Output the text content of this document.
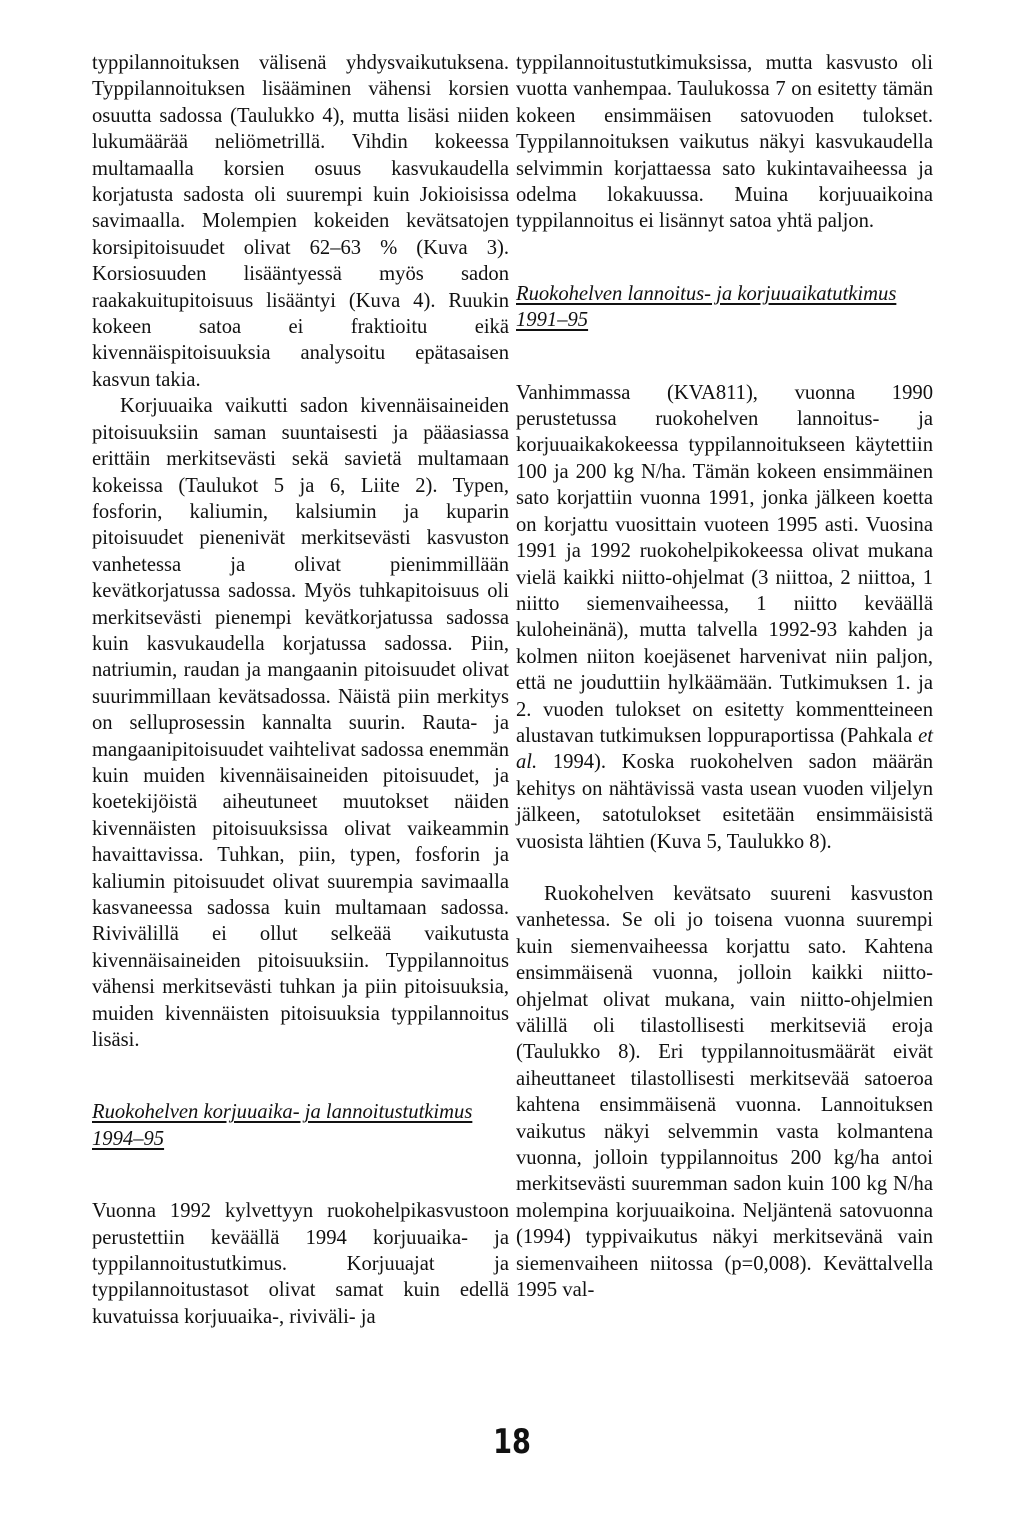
typpilannoituksen välisenä yhdysvaikutuksena. Typpilannoituksen lisääminen vähensi korsien osuutta sadossa (Taulukko 4), mutta lisäsi niiden lukumäärää neliömetrillä. Vihdin kokeessa multamaalla korsien osuus kasvukaudella korjatusta sadosta oli suurempi kuin Jokioisissa savimaalla. Molempien kokeiden kevätsatojen korsipitoisuudet olivat 62–63 % (Kuva 3). Korsiosuuden lisääntyessä myös sadon raakakuitupitoisuus lisääntyi (Kuva 4). Ruukin kokeen satoa ei fraktioitu eikä kivennäispitoisuuksia analysoitu epätasaisen kasvun takia.

Korjuuaika vaikutti sadon kivennäisaineiden pitoisuuksiin saman suuntaisesti ja pääasiassa erittäin merkitsevästi sekä savietä multamaan kokeissa (Taulukot 5 ja 6, Liite 2). Typen, fosforin, kaliumin, kalsiumin ja kuparin pitoisuudet pienenivät merkitsevästi kasvuston vanhetessa ja olivat pienimmillään kevätkorjatussa sadossa. Myös tuhkapitoisuus oli merkitsevästi pienempi kevätkorjatussa sadossa kuin kasvukaudella korjatussa sadossa. Piin, natriumin, raudan ja mangaanin pitoisuudet olivat suurimmillaan kevätsadossa. Näistä piin merkitys on selluprosessin kannalta suurin. Rauta- ja mangaanipitoisuudet vaihtelivat sadossa enemmän kuin muiden kivennäisaineiden pitoisuudet, ja koetekijöistä aiheutuneet muutokset näiden kivennäisten pitoisuuksissa olivat vaikeammin havaittavissa. Tuhkan, piin, typen, fosforin ja kaliumin pitoisuudet olivat suurempia savimaalla kasvaneessa sadossa kuin multamaan sadossa. Rivivälillä ei ollut selkeää vaikutusta kivennäisaineiden pitoisuuksiin. Typpilannoitus vähensi merkitsevästi tuhkan ja piin pitoisuuksia, muiden kivennäisten pitoisuuksia typpilannoitus lisäsi.

Ruokohelven korjuuaika- ja lannoitustutkimus 1994–95

Vuonna 1992 kylvettyyn ruokohelpikasvustoon perustettiin keväällä 1994 korjuuaika- ja typpilannoitustutkimus. Korjuuajat ja typpilannoitustasot olivat samat kuin edellä kuvatuissa korjuuaika-, riviväli- ja

typpilannoitustutkimuksissa, mutta kasvusto oli vuotta vanhempaa. Taulukossa 7 on esitetty tämän kokeen ensimmäisen satovuoden tulokset. Typpilannoituksen vaikutus näkyi kasvukaudella selvimmin korjattaessa sato kukintavaiheessa ja odelma lokakuussa. Muina korjuuaikoina typpilannoitus ei lisännyt satoa yhtä paljon.

Ruokohelven lannoitus- ja korjuuaikatutkimus 1991–95

Vanhimmassa (KVA811), vuonna 1990 perustetussa ruokohelven lannoitus- ja korjuuaikakokeessa typpilannoitukseen käytettiin 100 ja 200 kg N/ha. Tämän kokeen ensimmäinen sato korjattiin vuonna 1991, jonka jälkeen koetta on korjattu vuosittain vuoteen 1995 asti. Vuosina 1991 ja 1992 ruokohelpikokeessa olivat mukana vielä kaikki niitto-ohjelmat (3 niittoa, 2 niittoa, 1 niitto siemenvaiheessa, 1 niitto keväällä kuloheinänä), mutta talvella 1992-93 kahden ja kolmen niiton koejäsenet harvenivat niin paljon, että ne jouduttiin hylkäämään. Tutkimuksen 1. ja 2. vuoden tulokset on esitetty kommentteineen alustavan tutkimuksen loppuraportissa (Pahkala et al. 1994). Koska ruokohelven sadon määrän kehitys on nähtävissä vasta usean vuoden viljelyn jälkeen, satotulokset esitetään ensimmäisistä vuosista lähtien (Kuva 5, Taulukko 8).

Ruokohelven kevätsato suureni kasvuston vanhetessa. Se oli jo toisena vuonna suurempi kuin siemenvaiheessa korjattu sato. Kahtena ensimmäisenä vuonna, jolloin kaikki niitto-ohjelmat olivat mukana, vain niitto-ohjelmien välillä oli tilastollisesti merkitseviä eroja (Taulukko 8). Eri typpilannoitusmäärät eivät aiheuttaneet tilastollisesti merkitsevää satoeroa kahtena ensimmäisenä vuonna. Lannoituksen vaikutus näkyi selvemmin vasta kolmantena vuonna, jolloin typpilannoitus 200 kg/ha antoi merkitsevästi suuremman sadon kuin 100 kg N/ha molempina korjuuaikoina. Neljäntenä satovuonna (1994) typpivaikutus näkyi merkitsevänä vain siemenvaiheen niitossa (p=0,008). Kevättalvella 1995 val-

18
